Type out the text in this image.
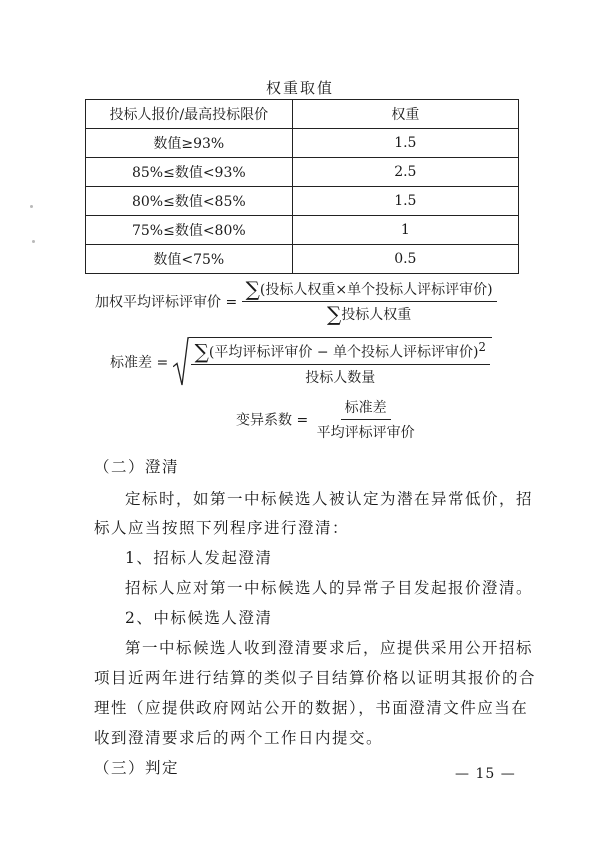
权重取值
投标人报价/最高投标限价	权重
数值≥93%	1.5
85%≤数值<93%	2.5
80%≤数值<85%	1.5
75%≤数值<80%	1
数值<75%	0.5
加权平均评标评审价 = $\frac{\text{∑(投标人权重×单个投标人评标评审价)}}{\text{∑投标人权重}}$
标准差 = $\frac{\sum(平均评标评审价 - 单个投标人评标评审价)^2}{\text{投标人数量}}$
变异系数 = $\frac{\text{标准差}}{\text{平均评标评审价}}$
（二）澄清
定标时，如第一中标候选人被认定为潜在异常低价，招
标人应当按照下列程序进行澄清：
1、招标人发起澄清
招标人应对第一中标候选人的异常子目发起报价澄清。
2、中标候选人澄清
第一中标候选人收到澄清要求后，应提供采用公开招标
项目近两年进行结算的类似子目结算价格以证明其报价的合
理性（应提供政府网站公开的数据），书面澄清文件应当在
收到澄清要求后的两个工作日内提交。
（三）判定	— 15 —
